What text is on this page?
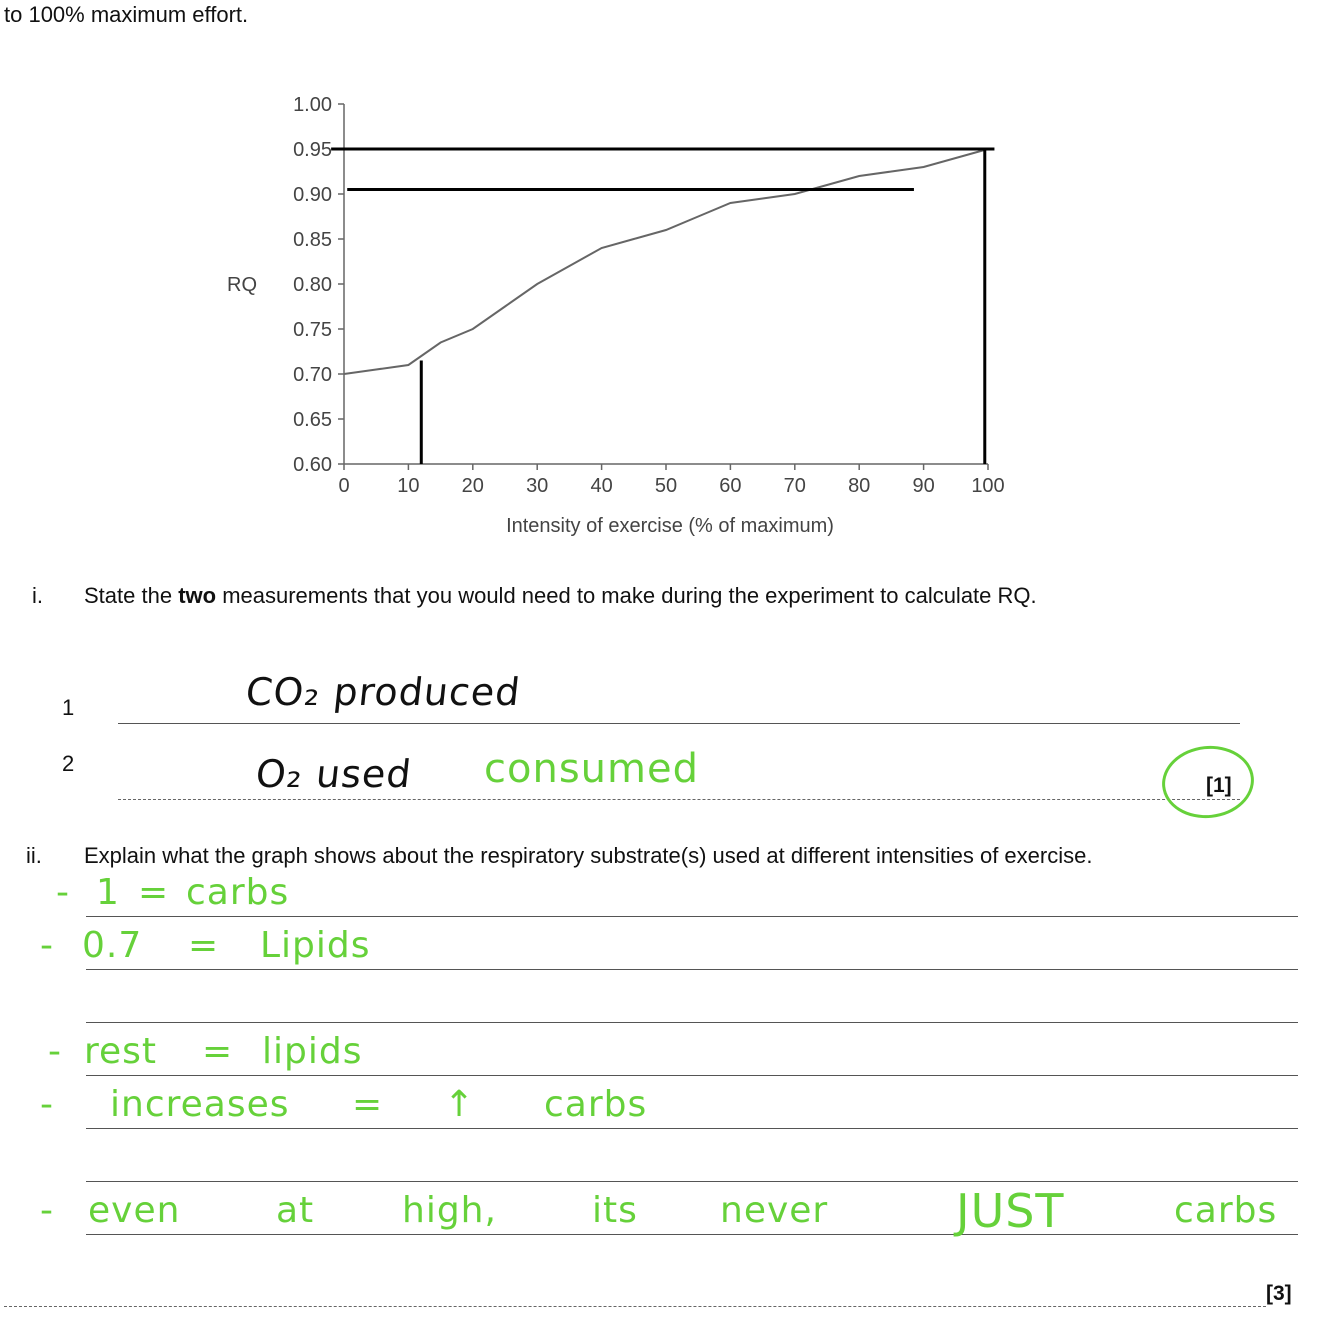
to 100% maximum effort.
1.00
0.95
0.90
0.85
0.80
0.75
0.70
0.65
0.60
0 10 20 30 40 50 60 70 80 90 100
RQ
Intensity of exercise (% of maximum)
i. State the two measurements that you would need to make during the experiment to calculate RQ.
1	CO₂ produced
2	O₂ used consumed	[1]
ii. Explain what the graph shows about the respiratory substrate(s) used at different intensities of exercise.
- 1 = carbs
- 0.7 = Lipids
- rest = lipids
- increases = ↑ carbs
- even	at high,	its never	JUST	carbs
[3]
